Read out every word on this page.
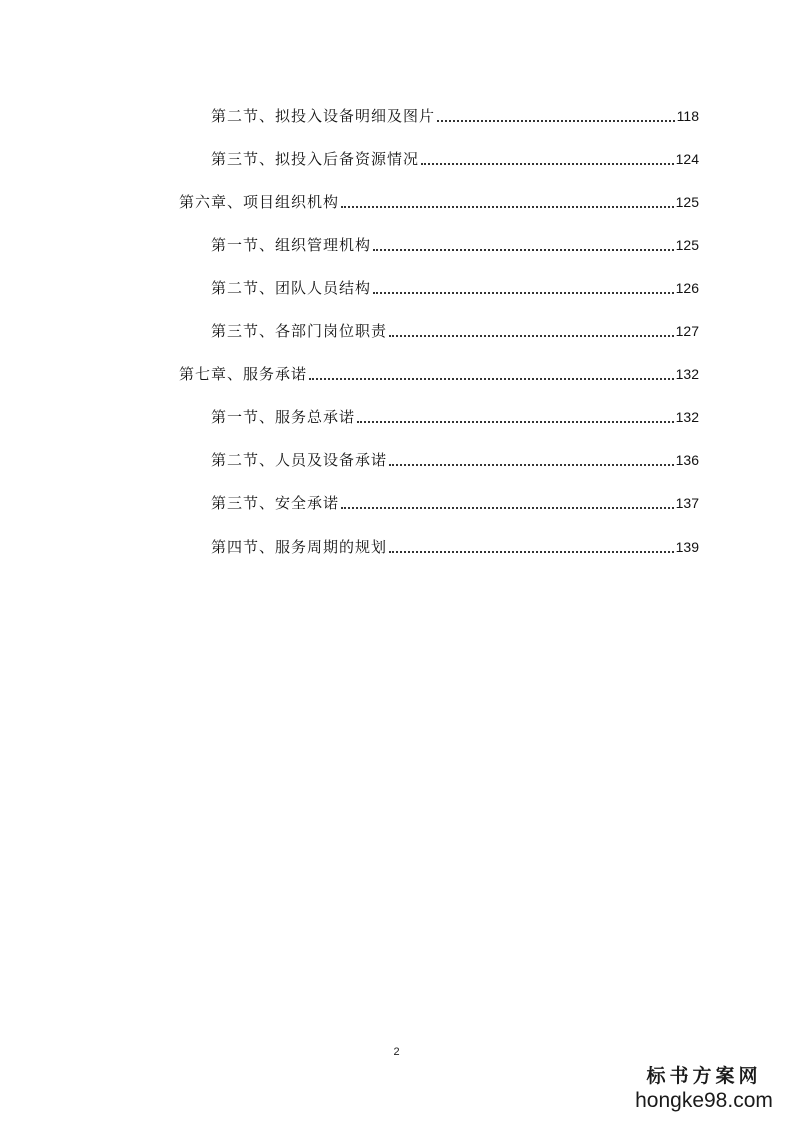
第二节、拟投入设备明细及图片	118
第三节、拟投入后备资源情况	124
第六章、项目组织机构	125
第一节、组织管理机构	125
第二节、团队人员结构	126
第三节、各部门岗位职责	127
第七章、服务承诺	132
第一节、服务总承诺	132
第二节、人员及设备承诺	136
第三节、安全承诺	137
第四节、服务周期的规划	139
2
标书方案网
hongke98.com
